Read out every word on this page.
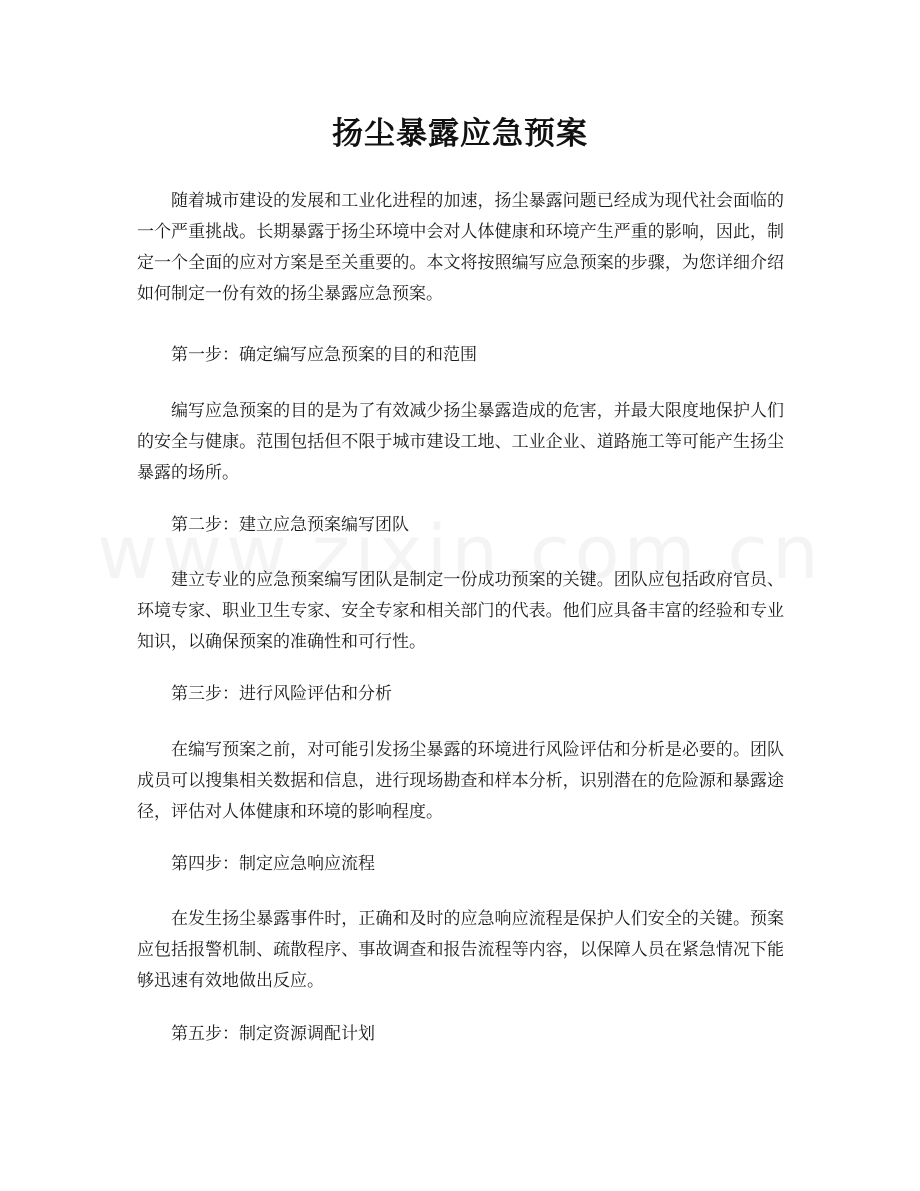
扬尘暴露应急预案

随着城市建设的发展和工业化进程的加速，扬尘暴露问题已经成为现代社会面临的一个严重挑战。长期暴露于扬尘环境中会对人体健康和环境产生严重的影响，因此，制定一个全面的应对方案是至关重要的。本文将按照编写应急预案的步骤，为您详细介绍如何制定一份有效的扬尘暴露应急预案。

第一步：确定编写应急预案的目的和范围

编写应急预案的目的是为了有效减少扬尘暴露造成的危害，并最大限度地保护人们的安全与健康。范围包括但不限于城市建设工地、工业企业、道路施工等可能产生扬尘暴露的场所。

第二步：建立应急预案编写团队

建立专业的应急预案编写团队是制定一份成功预案的关键。团队应包括政府官员、环境专家、职业卫生专家、安全专家和相关部门的代表。他们应具备丰富的经验和专业知识，以确保预案的准确性和可行性。

第三步：进行风险评估和分析

在编写预案之前，对可能引发扬尘暴露的环境进行风险评估和分析是必要的。团队成员可以搜集相关数据和信息，进行现场勘查和样本分析，识别潜在的危险源和暴露途径，评估对人体健康和环境的影响程度。

第四步：制定应急响应流程

在发生扬尘暴露事件时，正确和及时的应急响应流程是保护人们安全的关键。预案应包括报警机制、疏散程序、事故调查和报告流程等内容，以保障人员在紧急情况下能够迅速有效地做出反应。

第五步：制定资源调配计划
